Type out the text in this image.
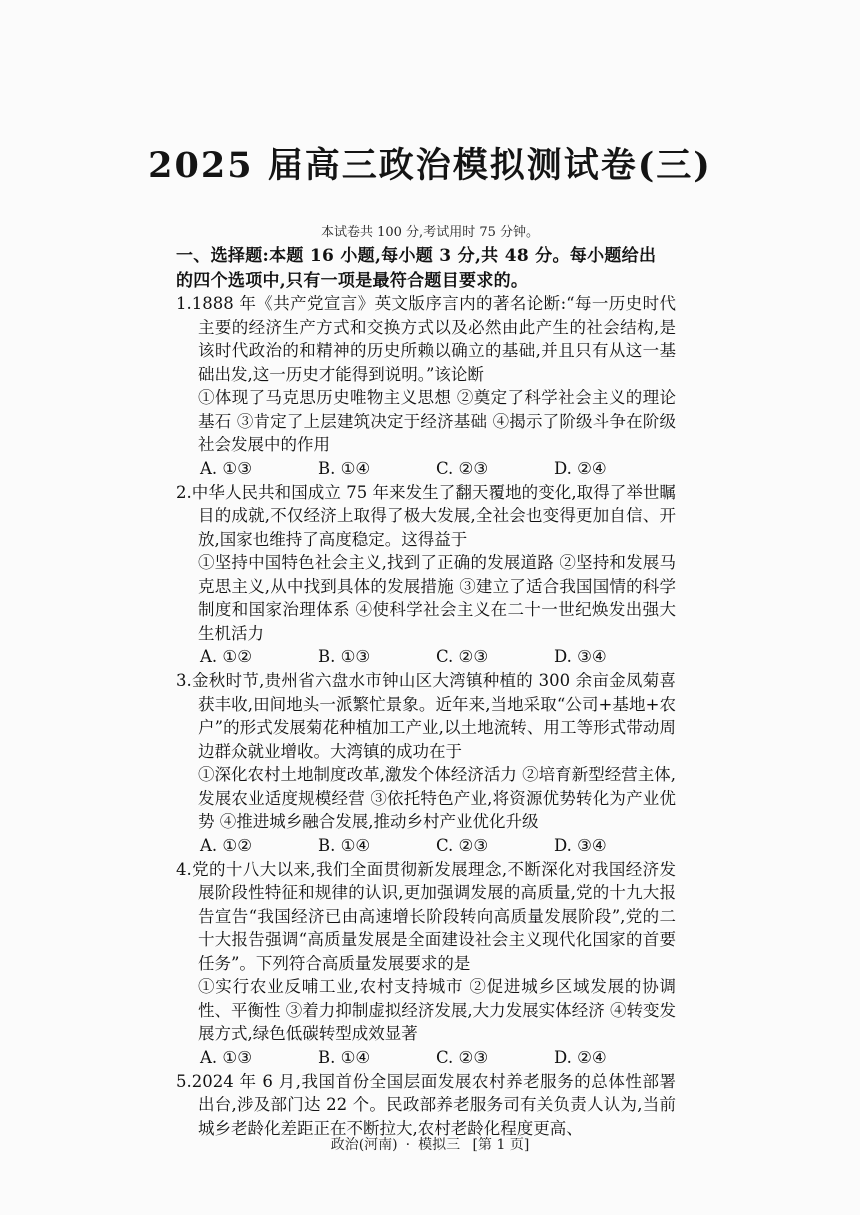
2025 届高三政治模拟测试卷(三)
本试卷共 100 分,考试用时 75 分钟。
一、选择题:本题 16 小题,每小题 3 分,共 48 分。每小题给出的四个选项中,只有一项是最符合题目要求的。
1.1888 年《共产党宣言》英文版序言内的著名论断:“每一历史时代主要的经济生产方式和交换方式以及必然由此产生的社会结构,是该时代政治的和精神的历史所赖以确立的基础,并且只有从这一基础出发,这一历史才能得到说明。”该论断
①体现了马克思历史唯物主义思想 ②奠定了科学社会主义的理论基石 ③肯定了上层建筑决定于经济基础 ④揭示了阶级斗争在阶级社会发展中的作用
A. ①③	B. ①④	C. ②③	D. ②④
2.中华人民共和国成立 75 年来发生了翻天覆地的变化,取得了举世瞩目的成就,不仅经济上取得了极大发展,全社会也变得更加自信、开放,国家也维持了高度稳定。这得益于
①坚持中国特色社会主义,找到了正确的发展道路 ②坚持和发展马克思主义,从中找到具体的发展措施 ③建立了适合我国国情的科学制度和国家治理体系 ④使科学社会主义在二十一世纪焕发出强大生机活力
A. ①②	B. ①③	C. ②③	D. ③④
3.金秋时节,贵州省六盘水市钟山区大湾镇种植的 300 余亩金凤菊喜获丰收,田间地头一派繁忙景象。近年来,当地采取“公司+基地+农户”的形式发展菊花种植加工产业,以土地流转、用工等形式带动周边群众就业增收。大湾镇的成功在于
①深化农村土地制度改革,激发个体经济活力 ②培育新型经营主体,发展农业适度规模经营 ③依托特色产业,将资源优势转化为产业优势 ④推进城乡融合发展,推动乡村产业优化升级
A. ①②	B. ①④	C. ②③	D. ③④
4.党的十八大以来,我们全面贯彻新发展理念,不断深化对我国经济发展阶段性特征和规律的认识,更加强调发展的高质量,党的十九大报告宣告“我国经济已由高速增长阶段转向高质量发展阶段”,党的二十大报告强调“高质量发展是全面建设社会主义现代化国家的首要任务”。下列符合高质量发展要求的是
①实行农业反哺工业,农村支持城市 ②促进城乡区域发展的协调性、平衡性 ③着力抑制虚拟经济发展,大力发展实体经济 ④转变发展方式,绿色低碳转型成效显著
A. ①③	B. ①④	C. ②③	D. ②④
5.2024 年 6 月,我国首份全国层面发展农村养老服务的总体性部署出台,涉及部门达 22 个。民政部养老服务司有关负责人认为,当前城乡老龄化差距正在不断拉大,农村老龄化程度更高、
政治(河南) · 模拟三 [第 1 页]
